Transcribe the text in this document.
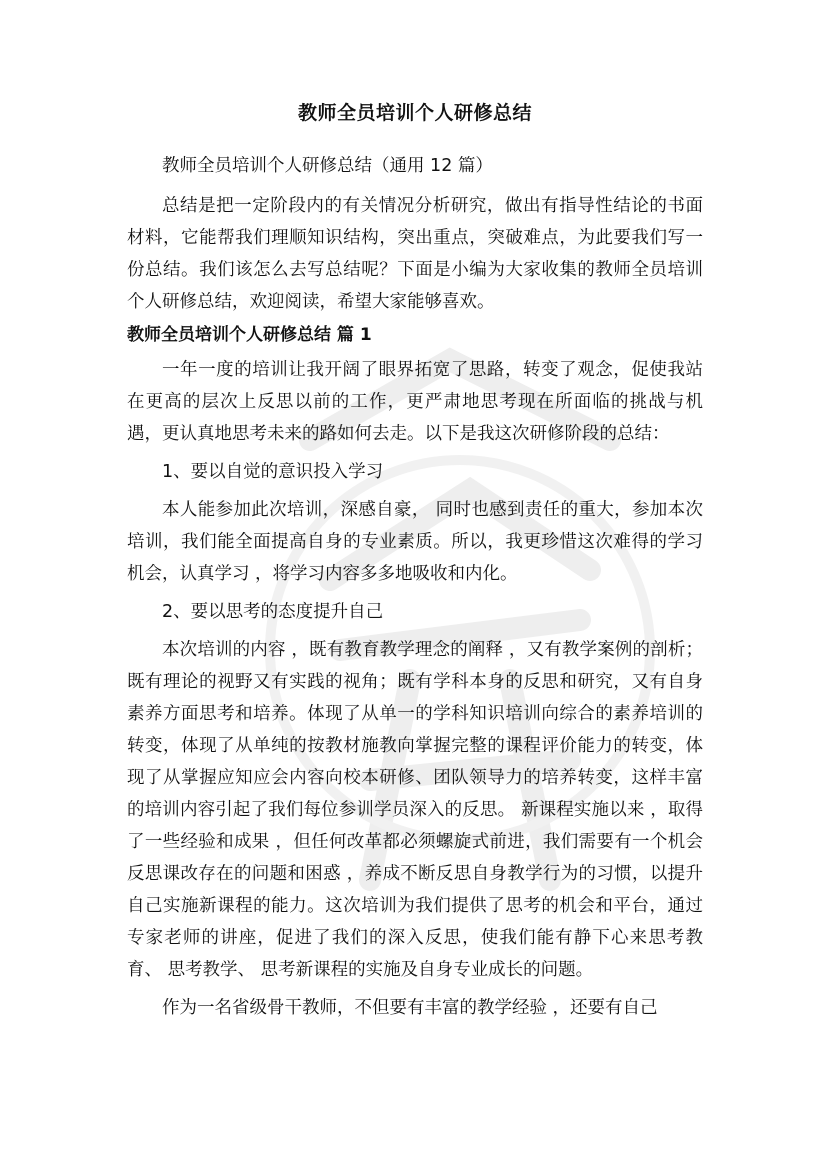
教师全员培训个人研修总结
教师全员培训个人研修总结（通用 12 篇）

总结是把一定阶段内的有关情况分析研究，做出有指导性结论的书面材料，它能帮我们理顺知识结构，突出重点，突破难点，为此要我们写一份总结。我们该怎么去写总结呢？下面是小编为大家收集的教师全员培训个人研修总结，欢迎阅读，希望大家能够喜欢。

教师全员培训个人研修总结 篇 1

一年一度的培训让我开阔了眼界拓宽了思路，转变了观念，促使我站在更高的层次上反思以前的工作，更严肃地思考现在所面临的挑战与机遇，更认真地思考未来的路如何去走。以下是我这次研修阶段的总结：

1、要以自觉的意识投入学习

本人能参加此次培训，深感自豪， 同时也感到责任的重大，参加本次培训，我们能全面提高自身的专业素质。所以，我更珍惜这次难得的学习机会，认真学习 ，将学习内容多多地吸收和内化。

2、要以思考的态度提升自己

本次培训的内容 ，既有教育教学理念的阐释 ，又有教学案例的剖析；既有理论的视野又有实践的视角；既有学科本身的反思和研究，又有自身素养方面思考和培养。体现了从单一的学科知识培训向综合的素养培训的转变，体现了从单纯的按教材施教向掌握完整的课程评价能力的转变，体现了从掌握应知应会内容向校本研修、团队领导力的培养转变，这样丰富的培训内容引起了我们每位参训学员深入的反思。 新课程实施以来 ，取得了一些经验和成果 ，但任何改革都必须螺旋式前进，我们需要有一个机会反思课改存在的问题和困惑 ，养成不断反思自身教学行为的习惯，以提升自己实施新课程的能力。这次培训为我们提供了思考的机会和平台，通过专家老师的讲座，促进了我们的深入反思，使我们能有静下心来思考教育、 思考教学、 思考新课程的实施及自身专业成长的问题。

作为一名省级骨干教师，不但要有丰富的教学经验 ，还要有自己
